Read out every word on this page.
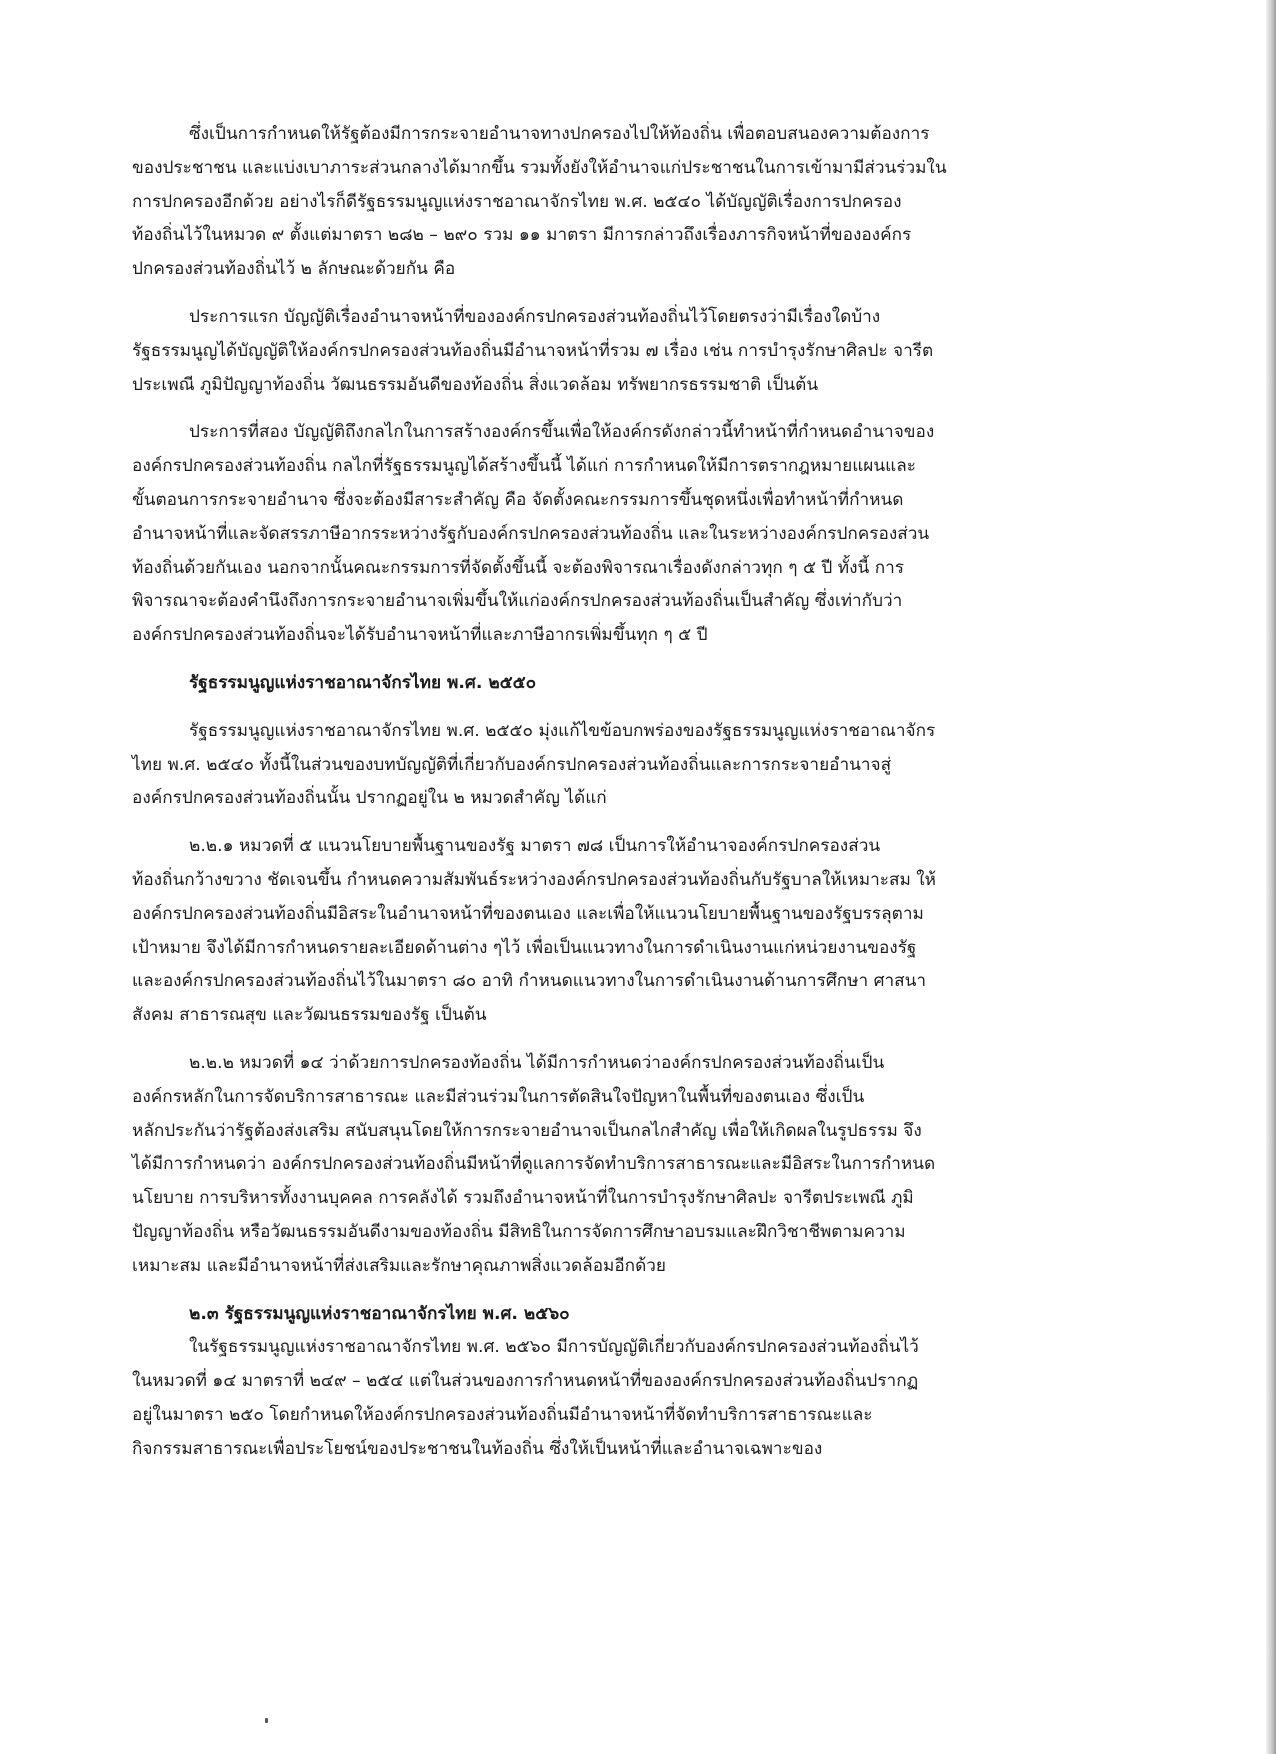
ซึ่งเป็นการกำหนดให้รัฐต้องมีการกระจายอำนาจทางปกครองไปให้ท้องถิ่น เพื่อตอบสนองความต้องการ
ของประชาชน และแบ่งเบาภาระส่วนกลางได้มากขึ้น รวมทั้งยังให้อำนาจแก่ประชาชนในการเข้ามามีส่วนร่วมใน
การปกครองอีกด้วย อย่างไรก็ดีรัฐธรรมนูญแห่งราชอาณาจักรไทย พ.ศ. ๒๕๔๐ ได้บัญญัติเรื่องการปกครอง
ท้องถิ่นไว้ในหมวด ๙ ตั้งแต่มาตรา ๒๘๒ – ๒๙๐ รวม ๑๑ มาตรา มีการกล่าวถึงเรื่องภารกิจหน้าที่ขององค์กร
ปกครองส่วนท้องถิ่นไว้ ๒ ลักษณะด้วยกัน คือ
ประการแรก บัญญัติเรื่องอำนาจหน้าที่ขององค์กรปกครองส่วนท้องถิ่นไว้โดยตรงว่ามีเรื่องใดบ้าง
รัฐธรรมนูญได้บัญญัติให้องค์กรปกครองส่วนท้องถิ่นมีอำนาจหน้าที่รวม ๗ เรื่อง เช่น การบำรุงรักษาศิลปะ จารีต
ประเพณี ภูมิปัญญาท้องถิ่น วัฒนธรรมอันดีของท้องถิ่น สิ่งแวดล้อม ทรัพยากรธรรมชาติ เป็นต้น
ประการที่สอง บัญญัติถึงกลไกในการสร้างองค์กรขึ้นเพื่อให้องค์กรดังกล่าวนี้ทำหน้าที่กำหนดอำนาจของ
องค์กรปกครองส่วนท้องถิ่น กลไกที่รัฐธรรมนูญได้สร้างขึ้นนี้ ได้แก่ การกำหนดให้มีการตรากฎหมายแผนและ
ขั้นตอนการกระจายอำนาจ ซึ่งจะต้องมีสาระสำคัญ คือ จัดตั้งคณะกรรมการขึ้นชุดหนึ่งเพื่อทำหน้าที่กำหนด
อำนาจหน้าที่และจัดสรรภาษีอากรระหว่างรัฐกับองค์กรปกครองส่วนท้องถิ่น และในระหว่างองค์กรปกครองส่วน
ท้องถิ่นด้วยกันเอง นอกจากนั้นคณะกรรมการที่จัดตั้งขึ้นนี้ จะต้องพิจารณาเรื่องดังกล่าวทุก ๆ ๕ ปี ทั้งนี้ การ
พิจารณาจะต้องคำนึงถึงการกระจายอำนาจเพิ่มขึ้นให้แก่องค์กรปกครองส่วนท้องถิ่นเป็นสำคัญ ซึ่งเท่ากับว่า
องค์กรปกครองส่วนท้องถิ่นจะได้รับอำนาจหน้าที่และภาษีอากรเพิ่มขึ้นทุก ๆ ๕ ปี
รัฐธรรมนูญแห่งราชอาณาจักรไทย พ.ศ. ๒๕๕๐
รัฐธรรมนูญแห่งราชอาณาจักรไทย พ.ศ. ๒๕๕๐ มุ่งแก้ไขข้อบกพร่องของรัฐธรรมนูญแห่งราชอาณาจักร
ไทย พ.ศ. ๒๕๔๐ ทั้งนี้ในส่วนของบทบัญญัติที่เกี่ยวกับองค์กรปกครองส่วนท้องถิ่นและการกระจายอำนาจสู่
องค์กรปกครองส่วนท้องถิ่นนั้น ปรากฏอยู่ใน ๒ หมวดสำคัญ ได้แก่
๒.๒.๑ หมวดที่ ๕ แนวนโยบายพื้นฐานของรัฐ มาตรา ๗๘ เป็นการให้อำนาจองค์กรปกครองส่วน
ท้องถิ่นกว้างขวาง ชัดเจนขึ้น กำหนดความสัมพันธ์ระหว่างองค์กรปกครองส่วนท้องถิ่นกับรัฐบาลให้เหมาะสม ให้
องค์กรปกครองส่วนท้องถิ่นมีอิสระในอำนาจหน้าที่ของตนเอง และเพื่อให้แนวนโยบายพื้นฐานของรัฐบรรลุตาม
เป้าหมาย จึงได้มีการกำหนดรายละเอียดด้านต่าง ๆไว้ เพื่อเป็นแนวทางในการดำเนินงานแก่หน่วยงานของรัฐ
และองค์กรปกครองส่วนท้องถิ่นไว้ในมาตรา ๘๐ อาทิ กำหนดแนวทางในการดำเนินงานด้านการศึกษา ศาสนา
สังคม สาธารณสุข และวัฒนธรรมของรัฐ เป็นต้น
๒.๒.๒ หมวดที่ ๑๔ ว่าด้วยการปกครองท้องถิ่น ได้มีการกำหนดว่าองค์กรปกครองส่วนท้องถิ่นเป็น
องค์กรหลักในการจัดบริการสาธารณะ และมีส่วนร่วมในการตัดสินใจปัญหาในพื้นที่ของตนเอง ซึ่งเป็น
หลักประกันว่ารัฐต้องส่งเสริม สนับสนุนโดยให้การกระจายอำนาจเป็นกลไกสำคัญ เพื่อให้เกิดผลในรูปธรรม จึง
ได้มีการกำหนดว่า องค์กรปกครองส่วนท้องถิ่นมีหน้าที่ดูแลการจัดทำบริการสาธารณะและมีอิสระในการกำหนด
นโยบาย การบริหารทั้งงานบุคคล การคลังได้ รวมถึงอำนาจหน้าที่ในการบำรุงรักษาศิลปะ จารีตประเพณี ภูมิ
ปัญญาท้องถิ่น หรือวัฒนธรรมอันดีงามของท้องถิ่น มีสิทธิในการจัดการศึกษาอบรมและฝึกวิชาชีพตามความ
เหมาะสม และมีอำนาจหน้าที่ส่งเสริมและรักษาคุณภาพสิ่งแวดล้อมอีกด้วย
๒.๓ รัฐธรรมนูญแห่งราชอาณาจักรไทย พ.ศ. ๒๕๖๐
ในรัฐธรรมนูญแห่งราชอาณาจักรไทย พ.ศ. ๒๕๖๐ มีการบัญญัติเกี่ยวกับองค์กรปกครองส่วนท้องถิ่นไว้
ในหมวดที่ ๑๔ มาตราที่ ๒๔๙ – ๒๕๔ แต่ในส่วนของการกำหนดหน้าที่ขององค์กรปกครองส่วนท้องถิ่นปรากฏ
อยู่ในมาตรา ๒๕๐ โดยกำหนดให้องค์กรปกครองส่วนท้องถิ่นมีอำนาจหน้าที่จัดทำบริการสาธารณะและ
กิจกรรมสาธารณะเพื่อประโยชน์ของประชาชนในท้องถิ่น ซึ่งให้เป็นหน้าที่และอำนาจเฉพาะของ
